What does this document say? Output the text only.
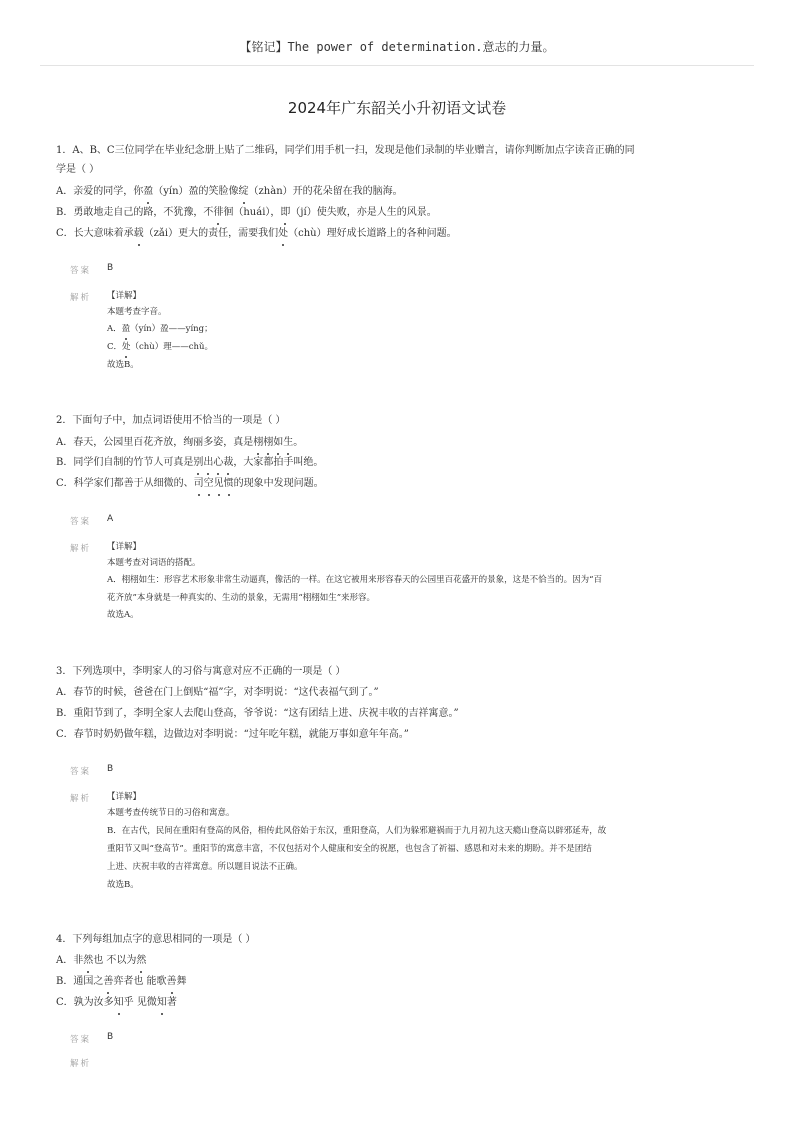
【铭记】The power of determination.意志的力量。
2024年广东韶关小升初语文试卷
1．A、B、C三位同学在毕业纪念册上贴了二维码，同学们用手机一扫，发现是他们录制的毕业赠言，请你判断加点字读音正确的同
学是（ ）
A．亲爱的同学，你盈（yín）盈的笑脸像绽（zhàn）开的花朵留在我的脑海。
B．勇敢地走自己的路，不犹豫，不徘徊（huái），即（jí）使失败，亦是人生的风景。
C．长大意味着承载（zǎi）更大的责任，需要我们处（chù）理好成长道路上的各种问题。
答案 B
解析 【详解】
本题考查字音。
A．盈（yín）盈——yíng；
C．处（chù）理——chǔ。
故选B。
2．下面句子中，加点词语使用不恰当的一项是（ ）
A．春天，公园里百花齐放，绚丽多姿，真是栩栩如生。
B．同学们自制的竹节人可真是别出心裁，大家都拍手叫绝。
C．科学家们都善于从细微的、司空见惯的现象中发现问题。
答案 A
解析 【详解】
本题考查对词语的搭配。
A．栩栩如生：形容艺术形象非常生动逼真，像活的一样。在这它被用来形容春天的公园里百花盛开的景象，这是不恰当的。因为“百
花齐放”本身就是一种真实的、生动的景象，无需用“栩栩如生”来形容。
故选A。
3．下列选项中，李明家人的习俗与寓意对应不正确的一项是（ ）
A．春节的时候，爸爸在门上倒贴“福”字，对李明说：“这代表福气到了。”
B．重阳节到了，李明全家人去爬山登高，爷爷说：“这有团结上进、庆祝丰收的吉祥寓意。”
C．春节时奶奶做年糕，边做边对李明说：“过年吃年糕，就能万事如意年年高。”
答案 B
解析 【详解】
本题考查传统节日的习俗和寓意。
B．在古代，民间在重阳有登高的风俗，相传此风俗始于东汉，重阳登高，人们为躲邪避祸而于九月初九这天瘾山登高以辟邪延寿，故
重阳节又叫“登高节”。重阳节的寓意丰富，不仅包括对个人健康和安全的祝愿，也包含了祈福、感恩和对未来的期盼。并不是团结
上进、庆祝丰收的吉祥寓意。所以题目说法不正确。
故选B。
4．下列每组加点字的意思相同的一项是（ ）
A．非然也 不以为然
B．通国之善弈者也 能歌善舞
C．孰为汝多知乎 见微知著
答案 B
解析
